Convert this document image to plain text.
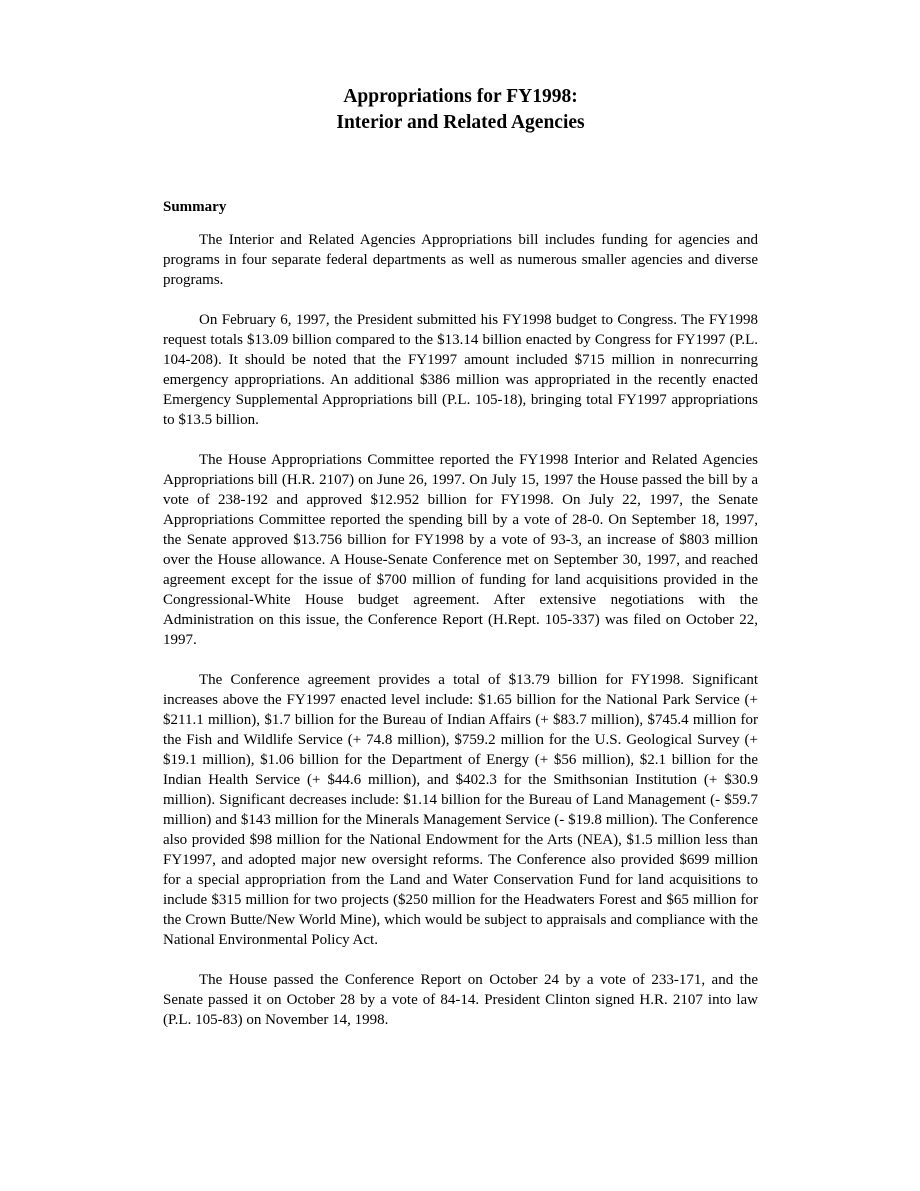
Appropriations for FY1998:
Interior and Related Agencies
Summary

The Interior and Related Agencies Appropriations bill includes funding for agencies and programs in four separate federal departments as well as numerous smaller agencies and diverse programs.

On February 6, 1997, the President submitted his FY1998 budget to Congress. The FY1998 request totals $13.09 billion compared to the $13.14 billion enacted by Congress for FY1997 (P.L. 104-208). It should be noted that the FY1997 amount included $715 million in nonrecurring emergency appropriations. An additional $386 million was appropriated in the recently enacted Emergency Supplemental Appropriations bill (P.L. 105-18), bringing total FY1997 appropriations to $13.5 billion.

The House Appropriations Committee reported the FY1998 Interior and Related Agencies Appropriations bill (H.R. 2107) on June 26, 1997. On July 15, 1997 the House passed the bill by a vote of 238-192 and approved $12.952 billion for FY1998. On July 22, 1997, the Senate Appropriations Committee reported the spending bill by a vote of 28-0. On September 18, 1997, the Senate approved $13.756 billion for FY1998 by a vote of 93-3, an increase of $803 million over the House allowance. A House-Senate Conference met on September 30, 1997, and reached agreement except for the issue of $700 million of funding for land acquisitions provided in the Congressional-White House budget agreement. After extensive negotiations with the Administration on this issue, the Conference Report (H.Rept. 105-337) was filed on October 22, 1997.

The Conference agreement provides a total of $13.79 billion for FY1998. Significant increases above the FY1997 enacted level include: $1.65 billion for the National Park Service (+ $211.1 million), $1.7 billion for the Bureau of Indian Affairs (+ $83.7 million), $745.4 million for the Fish and Wildlife Service (+ 74.8 million), $759.2 million for the U.S. Geological Survey (+ $19.1 million), $1.06 billion for the Department of Energy (+ $56 million), $2.1 billion for the Indian Health Service (+ $44.6 million), and $402.3 for the Smithsonian Institution (+ $30.9 million). Significant decreases include: $1.14 billion for the Bureau of Land Management (- $59.7 million) and $143 million for the Minerals Management Service (- $19.8 million). The Conference also provided $98 million for the National Endowment for the Arts (NEA), $1.5 million less than FY1997, and adopted major new oversight reforms. The Conference also provided $699 million for a special appropriation from the Land and Water Conservation Fund for land acquisitions to include $315 million for two projects ($250 million for the Headwaters Forest and $65 million for the Crown Butte/New World Mine), which would be subject to appraisals and compliance with the National Environmental Policy Act.

The House passed the Conference Report on October 24 by a vote of 233-171, and the Senate passed it on October 28 by a vote of 84-14. President Clinton signed H.R. 2107 into law (P.L. 105-83) on November 14, 1998.
